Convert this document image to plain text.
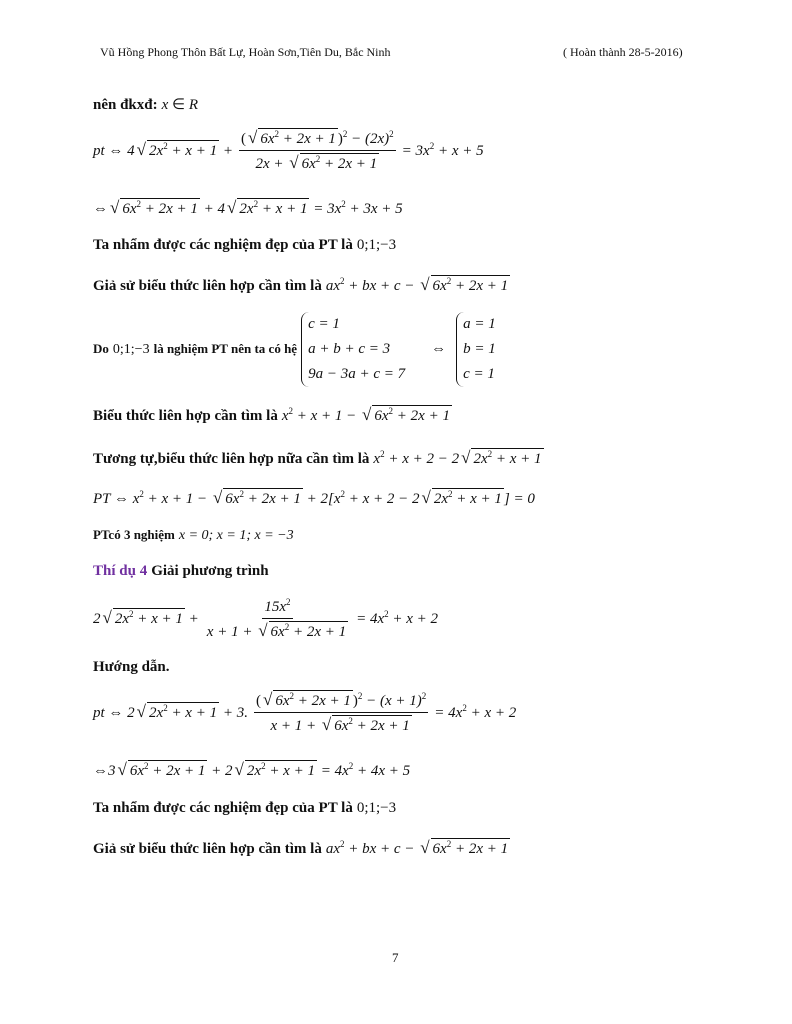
Vũ Hồng Phong Thôn Bất Lự, Hoàn Sơn,Tiên Du, Bắc Ninh	( Hoàn thành 28-5-2016)
nên đkxđ: x ∈ R
pt ⇔ 4 √ $2x^2 + x + 1 + \frac{( √ 6x^2 + 2x + 1 )^2 - (2x)^2}{2x + √ 6x^2 + 2x + 1} = 3x^2 + x + 5$
⇔ √ $6x^2 + 2x + 1 + 4$ √ $2x^2 + x + 1 = 3x^2 + 3x + 5$
Ta nhẩm được các nghiệm đẹp của PT là 0;1;−3
Giả sử biểu thức liên hợp cần tìm là $ax^2$ + bx + c − √ $6x^2 + 2x + 1$
Do 0;1;−3 là nghiệm PT nên ta có hệ c = 1
a + b + c = 3
9a − 3a + c = 7 ⇔ a = 1
b = 1
c = 1
Biểu thức liên hợp cần tìm là $x^2 + x + 1$ − √ $6x^2 + 2x + 1$
Tương tự,biểu thức liên hợp nữa cần tìm là $x^2 + x + 2 - 2$ √ $2x^2 + x + 1$
PT ⇔ $x^2 + x + 1$ − √ $6x^2 + 2x + 1 + 2[x^2 + x + 2 - 2$ √ $2x^2 + x + 1$ ] = 0
PTcó 3 nghiệm x = 0; x = 1; x = −3
Thí dụ 4 Giải phương trình
2 √ $2x^2 + x + 1 + \frac{15x^2}{x + 1 + √ 6x^2 + 2x + 1} = 4x^2 + x + 2$
Hướng dẫn.
pt ⇔ 2 √ $2x^2 + x + 1 + 3$. $\frac{( √ 6x^2 + 2x + 1 )^2 - (x + 1)^2}{x + 1 + √ 6x^2 + 2x + 1} = 4x^2 + x + 2$
⇔3 √ $6x^2 + 2x + 1 + 2$ √ $2x^2 + x + 1 = 4x^2 + 4x + 5$
Ta nhẩm được các nghiệm đẹp của PT là 0;1;−3
Giả sử biểu thức liên hợp cần tìm là $ax^2$ + bx + c − √ $6x^2 + 2x + 1$
7
